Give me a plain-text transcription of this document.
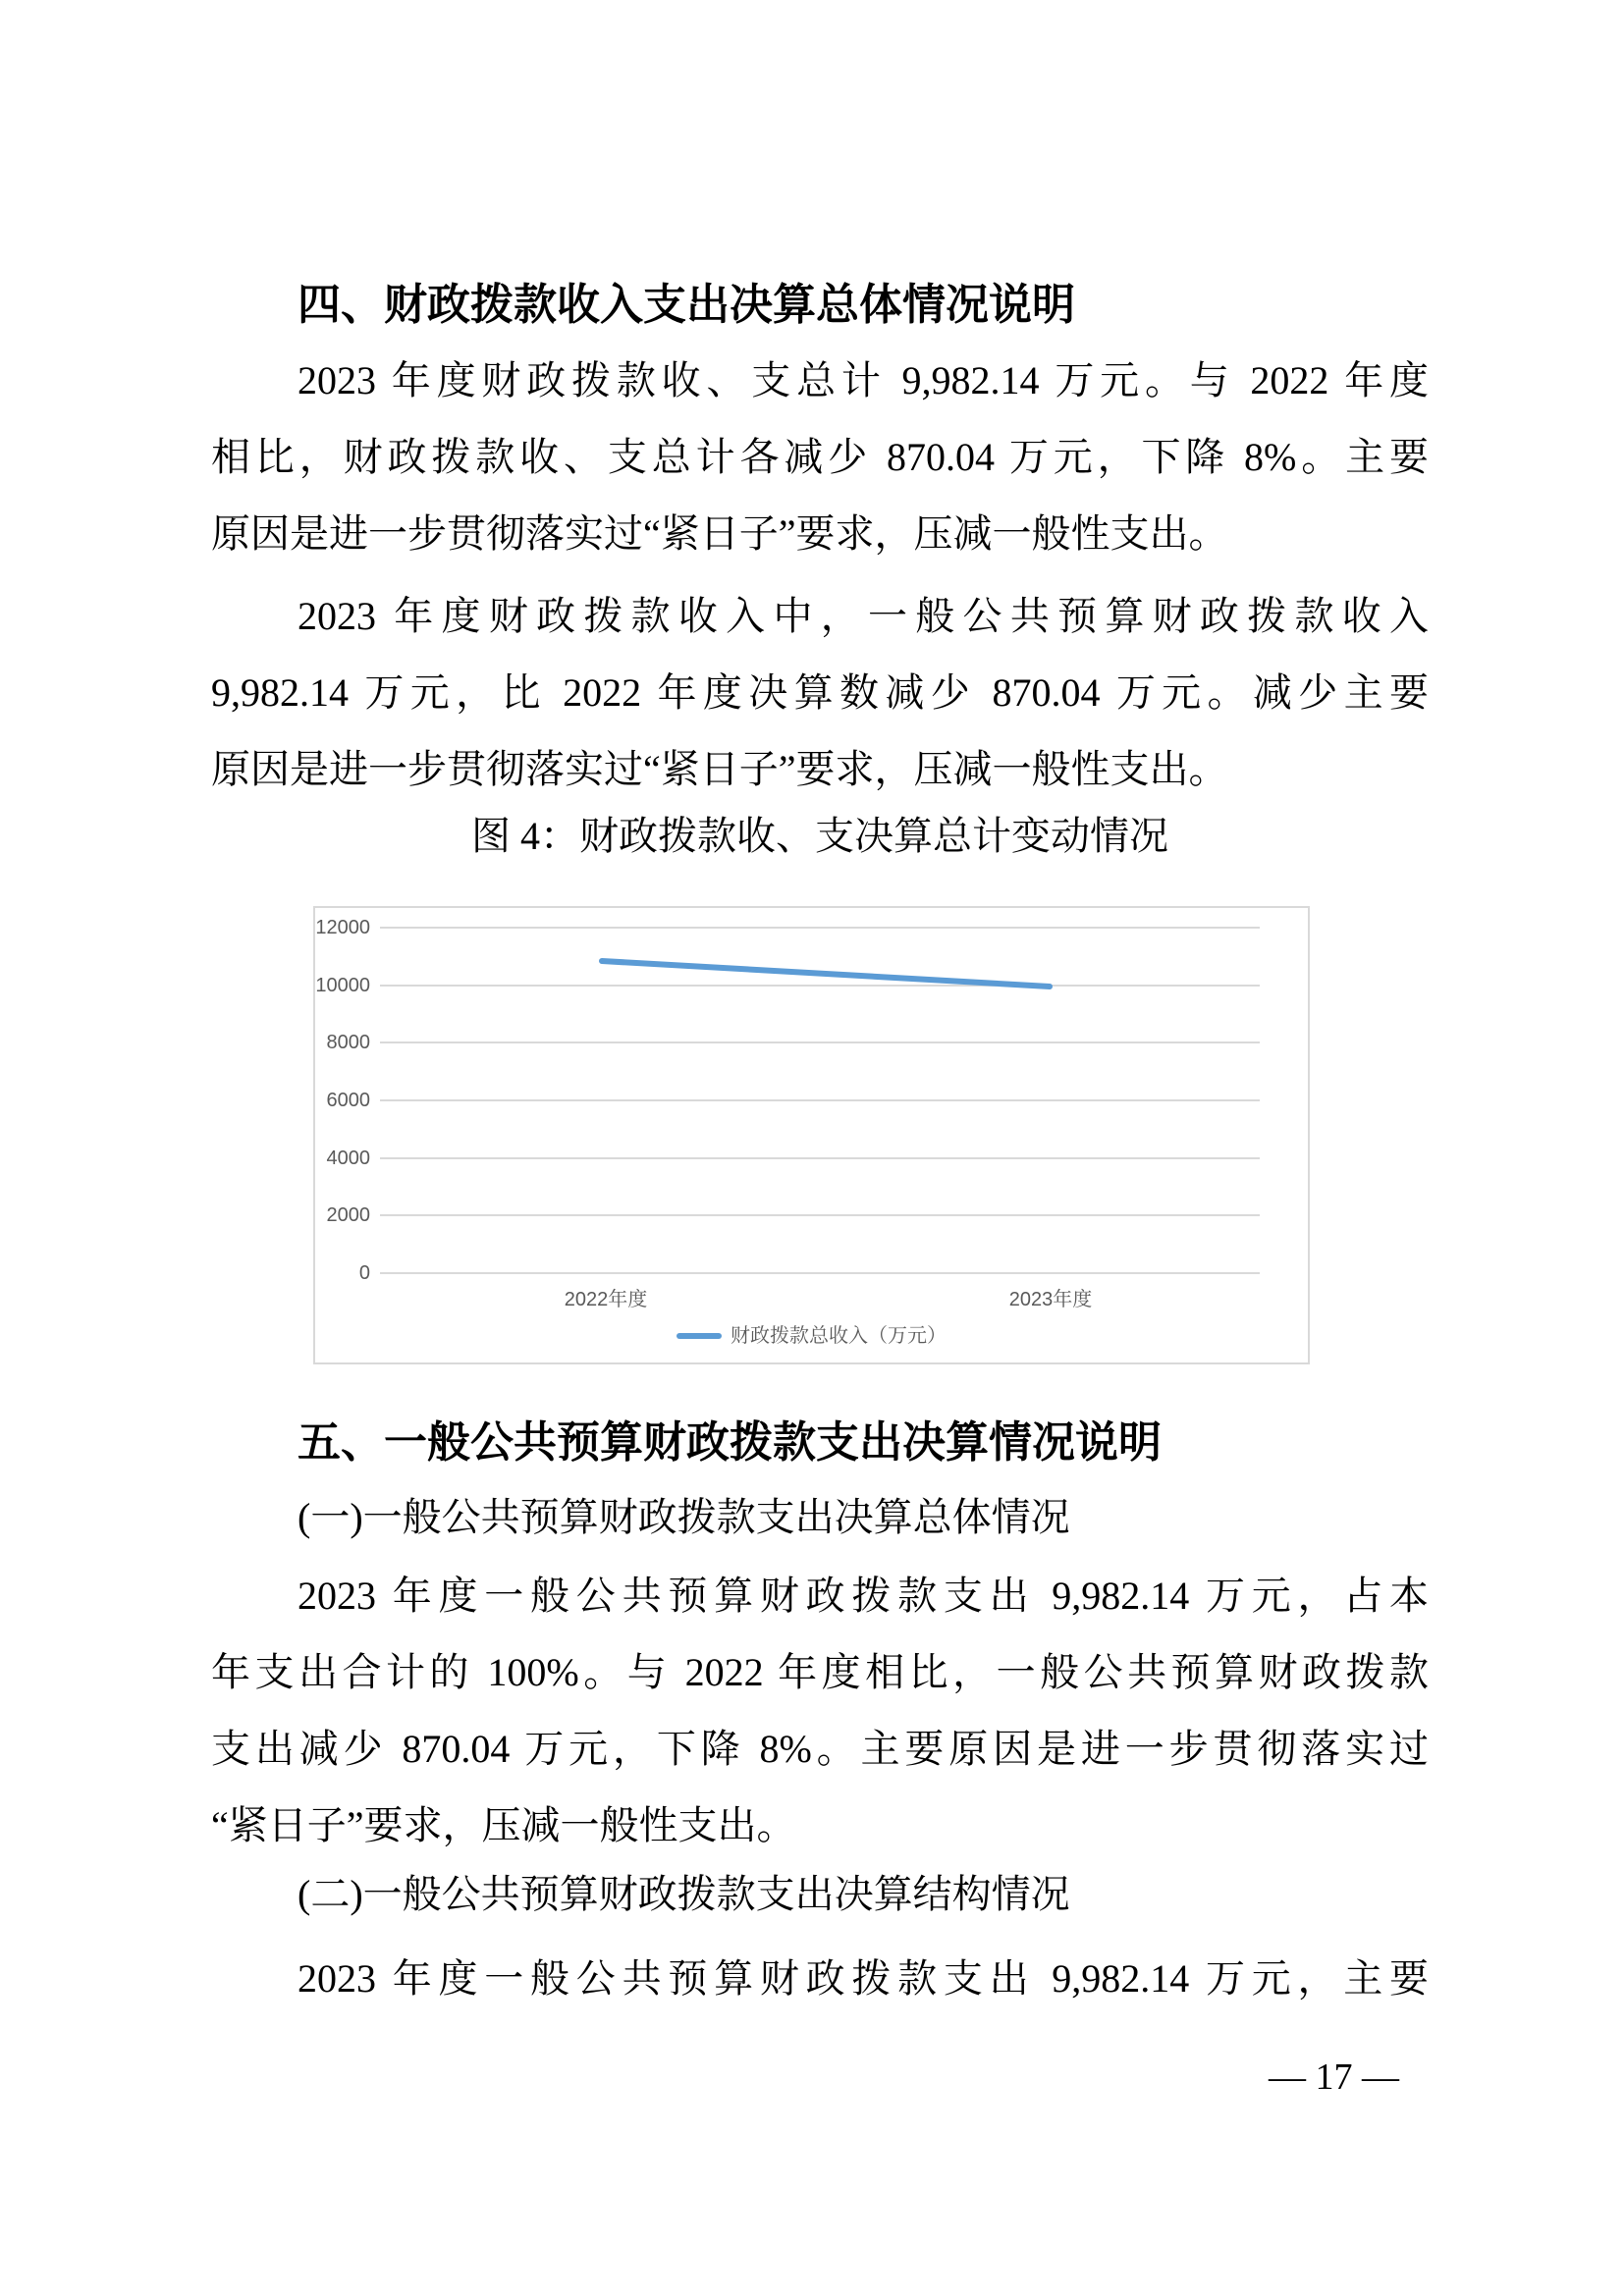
四、财政拨款收入支出决算总体情况说明
2023 年度财政拨款收、支总计 9,982.14 万元。与 2022 年度
相比，财政拨款收、支总计各减少 870.04 万元，下降 8%。主要
原因是进一步贯彻落实过“紧日子”要求，压减一般性支出。
2023 年度财政拨款收入中，一般公共预算财政拨款收入
9,982.14 万元，比 2022 年度决算数减少 870.04 万元。减少主要
原因是进一步贯彻落实过“紧日子”要求，压减一般性支出。
图 4：财政拨款收、支决算总计变动情况
12000
10000
8000
6000
4000
2000
0
2022年度	2023年度
财政拨款总收入（万元）
五、一般公共预算财政拨款支出决算情况说明
(一)一般公共预算财政拨款支出决算总体情况
2023 年度一般公共预算财政拨款支出 9,982.14 万元，占本
年支出合计的 100%。与 2022 年度相比，一般公共预算财政拨款
支出减少 870.04 万元，下降 8%。主要原因是进一步贯彻落实过
“紧日子”要求，压减一般性支出。
(二)一般公共预算财政拨款支出决算结构情况
2023 年度一般公共预算财政拨款支出 9,982.14 万元，主要
— 17 —
